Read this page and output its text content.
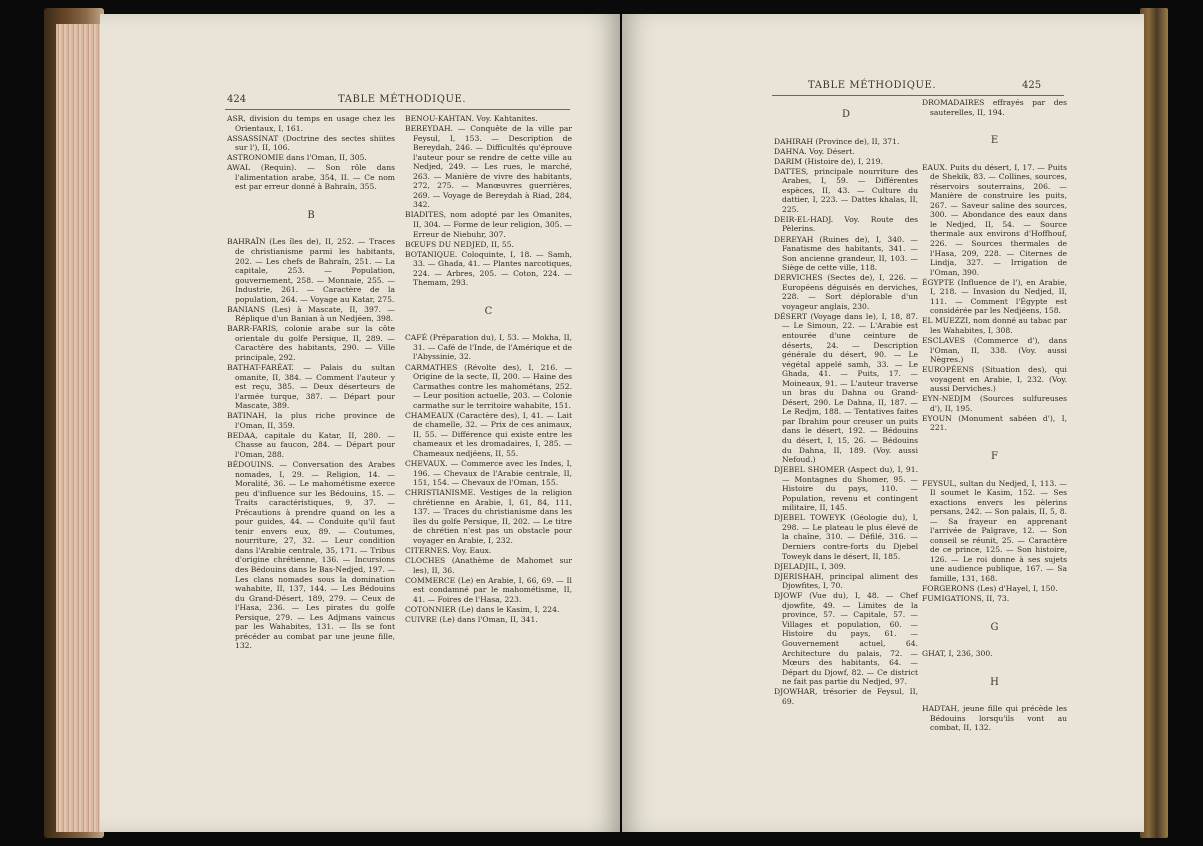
424	TABLE MÉTHODIQUE.

ASR, division du temps en usage chez les Orientaux, I, 161.

ASSASSINAT (Doctrine des sectes shiites sur l'), II, 106.

ASTRONOMIE dans l'Oman, II, 305.

AWAL (Requin). — Son rôle dans l'alimentation arabe, 354, II. — Ce nom est par erreur donné à Bahraïn, 355.

B

BAHRAÏN (Les îles de), II, 252. — Traces de christianisme parmi les habitants, 202. — Les chefs de Bahraïn, 251. — La capitale, 253. — Population, gouvernement, 258. — Monnaie, 255. — Industrie, 261. — Caractère de la population, 264. — Voyage au Katar, 275.

BANIANS (Les) à Mascate, II, 397. — Réplique d'un Banian à un Nedjéen, 398.

BARR-FARIS, colonie arabe sur la côte orientale du golfe Persique, II, 289. — Caractère des habitants, 290. — Ville principale, 292.

BATHAT-FARÉAT. — Palais du sultan omanite, II, 384. — Comment l'auteur y est reçu, 385. — Deux déserteurs de l'armée turque, 387. — Départ pour Mascate, 389.

BATINAH, la plus riche province de l'Oman, II, 359.

BEDAA, capitale du Katar, II, 280. — Chasse au faucon, 284. — Départ pour l'Oman, 288.

BÉDOUINS. — Conversation des Arabes nomades, I, 29. — Religion, 14. — Moralité, 36. — Le mahométisme exerce peu d'influence sur les Bédouins, 15. — Traits caractéristiques, 9, 37. — Précautions à prendre quand on les a pour guides, 44. — Conduite qu'il faut tenir envers eux, 89. — Coutumes, nourriture, 27, 32. — Leur condition dans l'Arabie centrale, 35, 171. — Tribus d'origine chrétienne, 136. — Incursions des Bédouins dans le Bas-Nedjed, 197. — Les clans nomades sous la domination wahabite, II, 137, 144. — Les Bédouins du Grand-Désert, 189, 279. — Ceux de l'Hasa, 236. — Les pirates du golfe Persique, 279. — Les Adjmans vaincus par les Wahabites, 131. — Ils se font précéder au combat par une jeune fille, 132.

BENOU-KAHTAN. Voy. Kahtanites.

BEREYDAH. — Conquête de la ville par Feysul, I, 153. — Description de Bereydah, 246. — Difficultés qu'éprouve l'auteur pour se rendre de cette ville au Nedjed, 249. — Les rues, le marché, 263. — Manière de vivre des habitants, 272, 275. — Manœuvres guerrières, 269. — Voyage de Bereydah à Riad, 284, 342.

BIADITES, nom adopté par les Omanites, II, 304. — Forme de leur religion, 305. — Erreur de Niebuhr, 307.

BŒUFS DU NEDJED, II, 55.

BOTANIQUE. Coloquinte, I, 18. — Samh, 33. — Ghada, 41. — Plantes narcotiques, 224. — Arbres, 205. — Coton, 224. — Themam, 293.

C

CAFÉ (Préparation du), I, 53. — Mokha, II, 31. — Café de l'Inde, de l'Amérique et de l'Abyssinie, 32.

CARMATHES (Révolte des), I, 216. — Origine de la secte, II, 200. — Haine des Carmathes contre les mahométans, 252. — Leur position actuelle, 203. — Colonie carmathe sur le territoire wahabite, 151.

CHAMEAUX (Caractère des), I, 41. — Lait de chamelle, 32. — Prix de ces animaux, II, 55. — Différence qui existe entre les chameaux et les dromadaires, I, 285. — Chameaux nedjéens, II, 55.

CHEVAUX. — Commerce avec les Indes, I, 196. — Chevaux de l'Arabie centrale, II, 151, 154. — Chevaux de l'Oman, 155.

CHRISTIANISME. Vestiges de la religion chrétienne en Arabie, I, 61, 84, 111, 137. — Traces du christianisme dans les îles du golfe Persique, II, 202. — Le titre de chrétien n'est pas un obstacle pour voyager en Arabie, I, 232.

CITERNES. Voy. Eaux.

CLOCHES (Anathème de Mahomet sur les), II, 36.

COMMERCE (Le) en Arabie, I, 66, 69. — Il est condamné par le mahométisme, II, 41. — Foires de l'Hasa, 223.

COTONNIER (Le) dans le Kasim, I, 224.

CUIVRE (Le) dans l'Oman, II, 341.

TABLE MÉTHODIQUE.	425
D

DAHIRAH (Province de), II, 371.

DAHNA. Voy. Désert.

DARIM (Histoire de), I, 219.

DATTES, principale nourriture des Arabes, I, 59. — Différentes espèces, II, 43. — Culture du dattier, I, 223. — Dattes khalas, II, 225.

DEIR-EL-HADJ. Voy. Route des Pèlerins.

DEREYAH (Ruines de), I, 340. — Fanatisme des habitants, 341. — Son ancienne grandeur, II, 103. — Siège de cette ville, 118.

DERVICHES (Sectes de), I, 226. — Européens déguisés en derviches, 228. — Sort déplorable d'un voyageur anglais, 230.

DÉSERT (Voyage dans le), I, 18, 87. — Le Simoun, 22. — L'Arabie est entourée d'une ceinture de déserts, 24. — Description générale du désert, 90. — Le végétal appelé samh, 33. — Le Ghada, 41. — Puits, 17. — Moineaux, 91. — L'auteur traverse un bras du Dahna ou Grand-Désert, 290. Le Dahna, II, 187. — Le Redjm, 188. — Tentatives faites par Ibrahim pour creuser un puits dans le désert, 192. — Bédouins du désert, I, 15, 26. — Bédouins du Dahna, II, 189. (Voy. aussi Nefoud.)

DJEBEL SHOMER (Aspect du), I, 91. — Montagnes du Shomer, 95. — Histoire du pays, 110. — Population, revenu et contingent militaire, II, 145.

DJEBEL TOWEYK (Géologie du), I, 298. — Le plateau le plus élevé de la chaîne, 310. — Défilé, 316. — Derniers contre-forts du Djebel Toweyk dans le désert, II, 185.

DJELADJIL, I, 309.

DJERISHAH, principal aliment des Djowfites, I, 70.

DJOWF (Vue du), I, 48. — Chef djowfite, 49. — Limites de la province, 57. — Capitale, 57. — Villages et population, 60. — Histoire du pays, 61. — Gouvernement actuel, 64. Architecture du palais, 72. — Mœurs des habitants, 64. — Départ du Djowf, 82. — Ce district ne fait pas partie du Nedjed, 97.

DJOWHAR, trésorier de Feysul, II, 69.

DROMADAIRES effrayés par des sauterelles, II, 194.

E

EAUX. Puits du désert, I, 17. — Puits de Shekik, 83. — Collines, sources, réservoirs souterrains, 206. — Manière de construire les puits, 267. — Saveur saline des sources, 300. — Abondance des eaux dans le Nedjed, II, 54. — Source thermale aux environs d'Hoffhouf, 226. — Sources thermales de l'Hasa, 209, 228. — Citernes de Lindja, 327. — Irrigation de l'Oman, 390.

ÉGYPTE (Influence de l'), en Arabie, I, 218. — Invasion du Nedjed, II, 111. — Comment l'Égypte est considérée par les Nedjéens, 158.

EL MUEZZI, nom donné au tabac par les Wahabites, I, 308.

ESCLAVES (Commerce d'), dans l'Oman, II, 338. (Voy. aussi Nègres.)

EUROPÉENS (Situation des), qui voyagent en Arabie, I, 232. (Voy. aussi Derviches.)

EYN-NEDJM (Sources sulfureuses d'), II, 195.

EYOUN (Monument sabéen d'), I, 221.

F

FEYSUL, sultan du Nedjed, I, 113. — Il soumet le Kasim, 152. — Ses exactions envers les pèlerins persans, 242. — Son palais, II, 5, 8. — Sa frayeur en apprenant l'arrivée de Palgrave, 12. — Son conseil se réunit, 25. — Caractère de ce prince, 125. — Son histoire, 126. — Le roi donne à ses sujets une audience publique, 167. — Sa famille, 131, 168.

FORGERONS (Les) d'Hayel, I, 150.

FUMIGATIONS, II, 73.

G

GHAT, I, 236, 300.

H

HADTAH, jeune fille qui précède les Bédouins lorsqu'ils vont au combat, II, 132.
